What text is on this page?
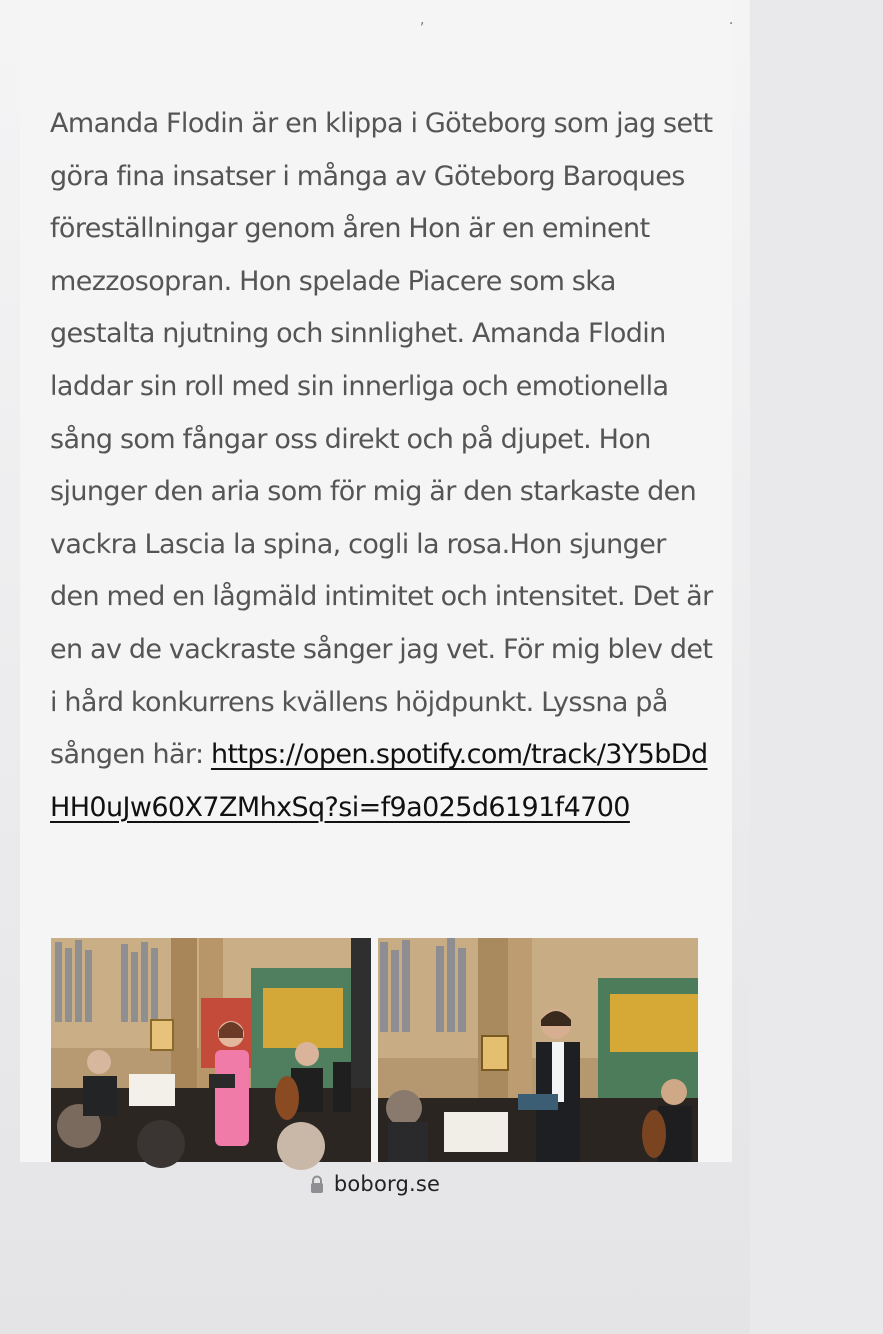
, .

Amanda Flodin är en klippa i Göteborg som jag sett göra fina insatser i många av Göteborg Baroques föreställningar genom åren Hon är en eminent mezzosopran. Hon spelade Piacere som ska gestalta njutning och sinnlighet. Amanda Flodin laddar sin roll med sin innerliga och emotionella sång som fångar oss direkt och på djupet. Hon sjunger den aria som för mig är den starkaste den vackra Lascia la spina, cogli la rosa.Hon sjunger den med en lågmäld intimitet och intensitet. Det är en av de vackraste sånger jag vet. För mig blev det i hård konkurrens kvällens höjdpunkt. Lyssna på sången här: https://open.spotify.com/track/3Y5bDdHH0uJw60X7ZMhxSq?si=f9a025d6191f4700

boborg.se
